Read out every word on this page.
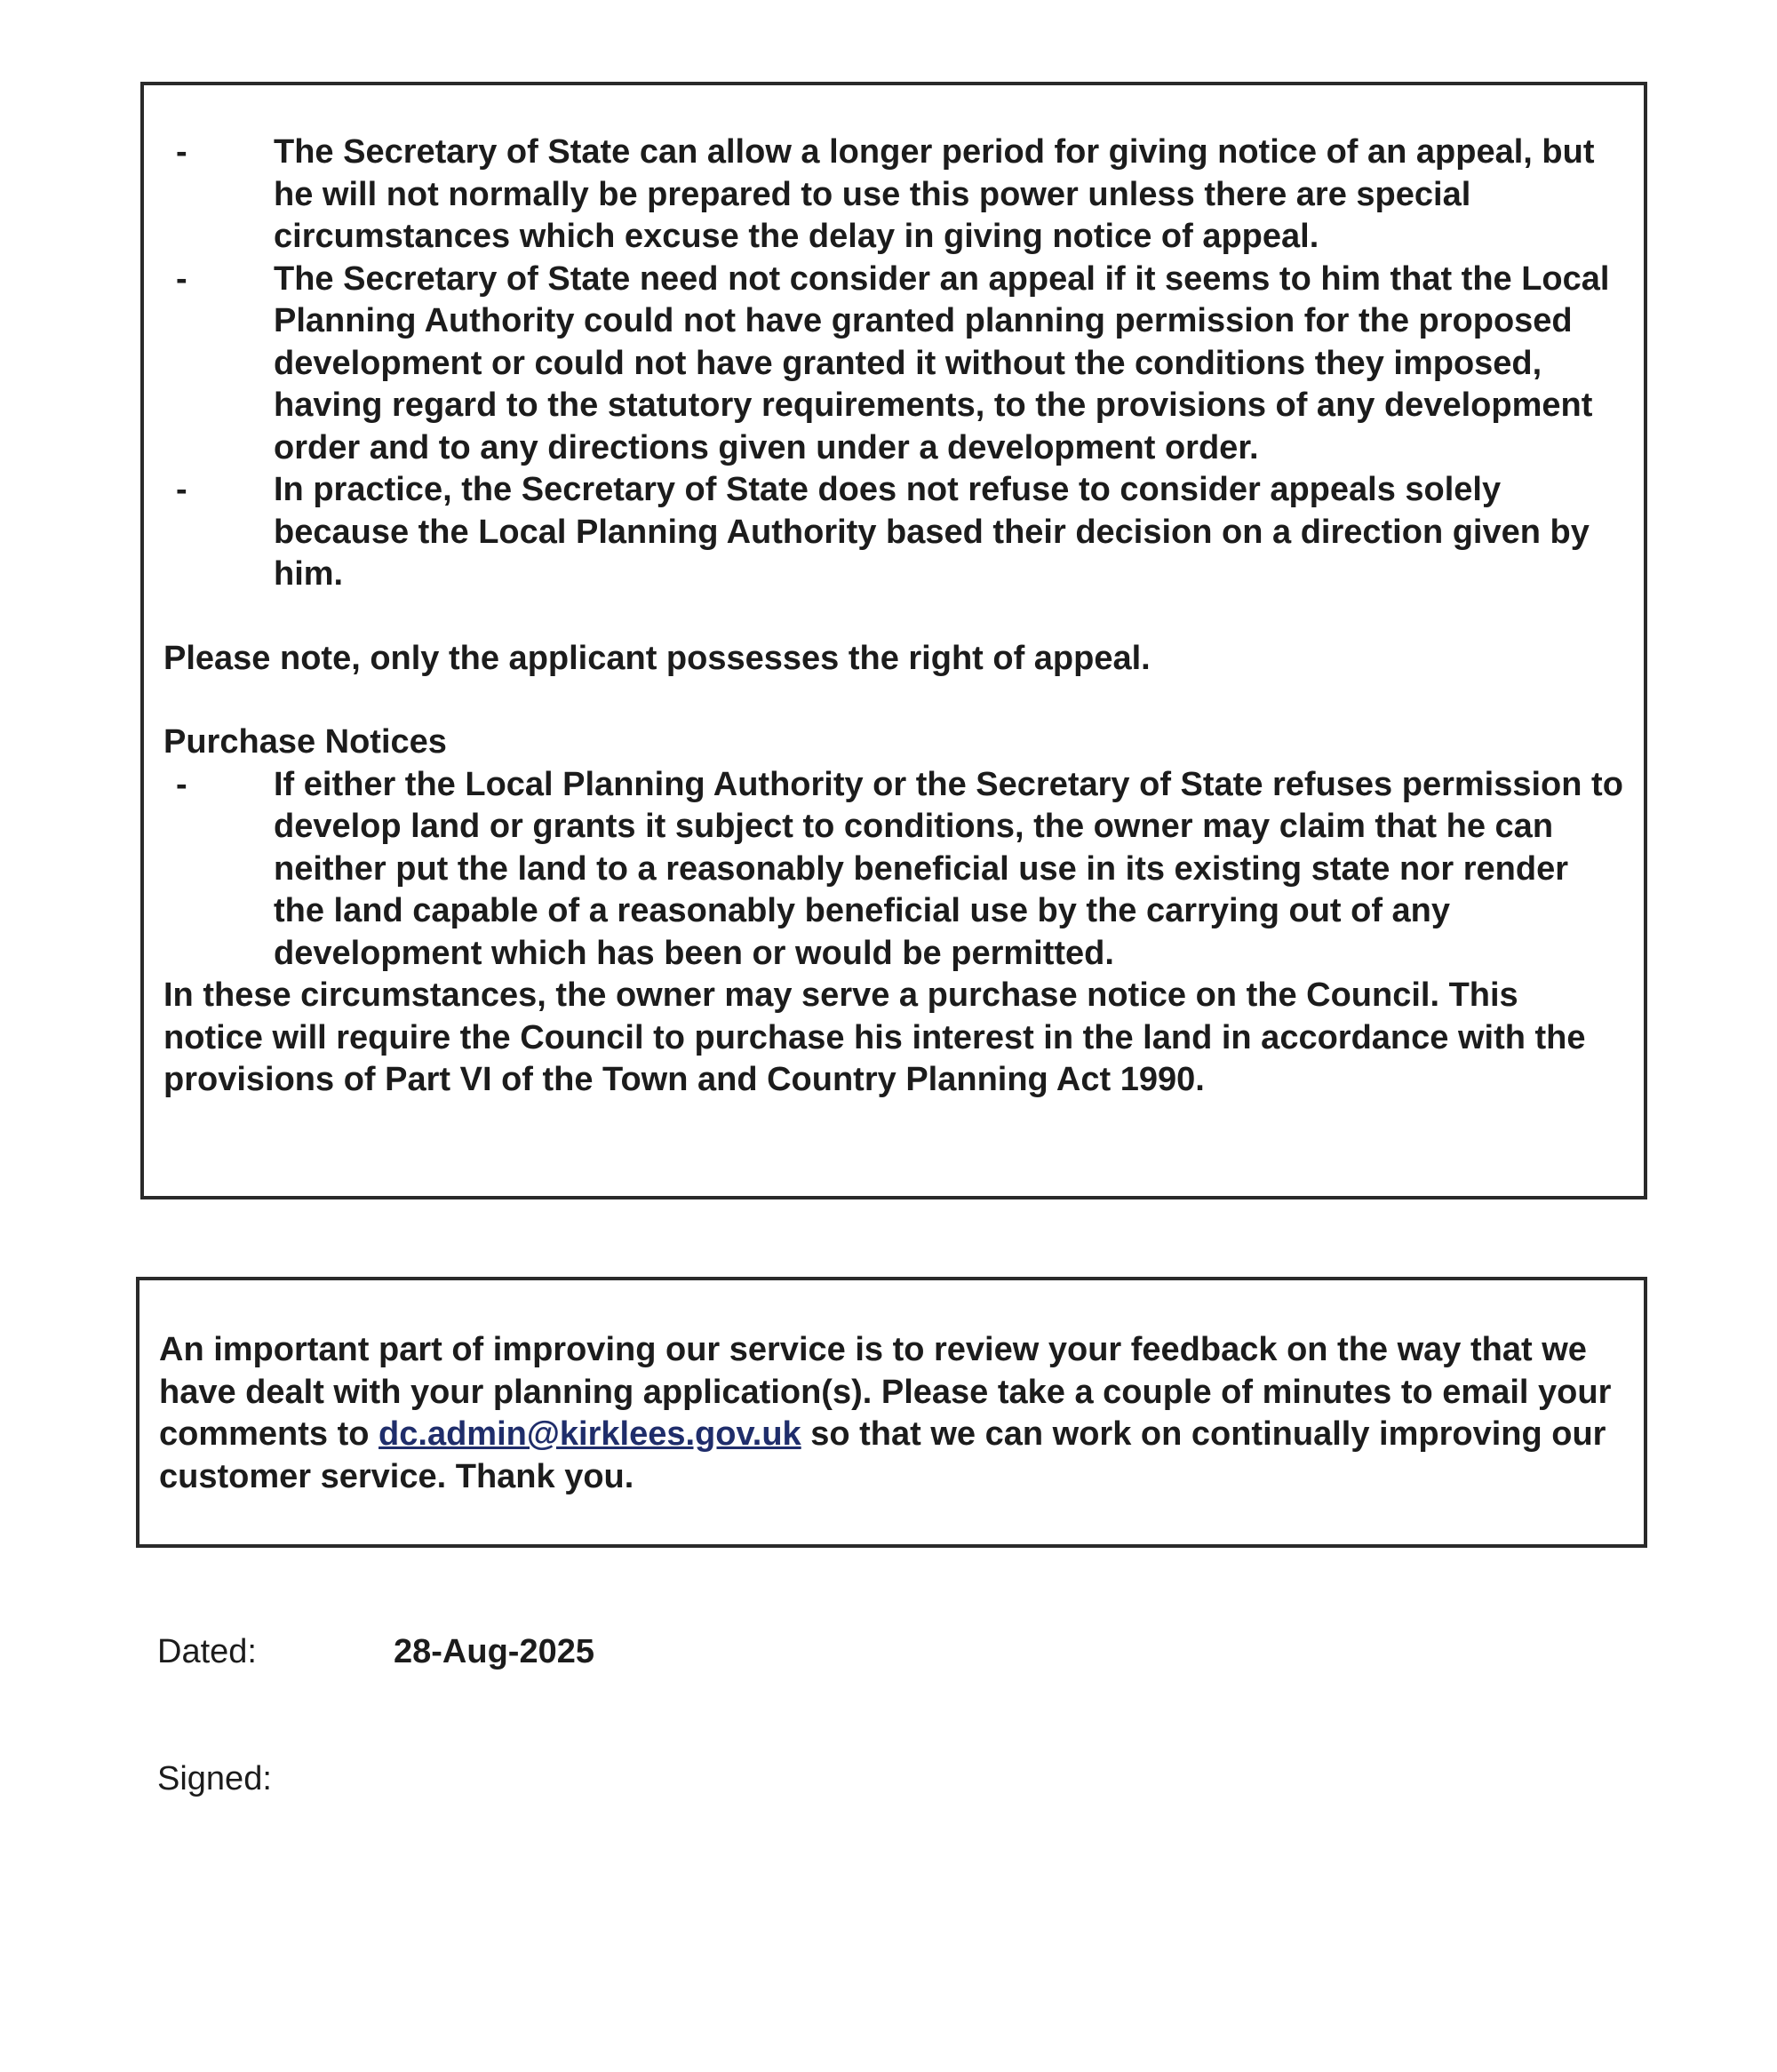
-	The Secretary of State can allow a longer period for giving notice of an appeal, but he will not normally be prepared to use this power unless there are special circumstances which excuse the delay in giving notice of appeal.

-	The Secretary of State need not consider an appeal if it seems to him that the Local Planning Authority could not have granted planning permission for the proposed development or could not have granted it without the conditions they imposed, having regard to the statutory requirements, to the provisions of any development order and to any directions given under a development order.

-	In practice, the Secretary of State does not refuse to consider appeals solely because the Local Planning Authority based their decision on a direction given by him.

Please note, only the applicant possesses the right of appeal.

Purchase Notices

-	If either the Local Planning Authority or the Secretary of State refuses permission to develop land or grants it subject to conditions, the owner may claim that he can neither put the land to a reasonably beneficial use in its existing state nor render the land capable of a reasonably beneficial use by the carrying out of any development which has been or would be permitted.

In these circumstances, the owner may serve a purchase notice on the Council. This notice will require the Council to purchase his interest in the land in accordance with the provisions of Part VI of the Town and Country Planning Act 1990.

An important part of improving our service is to review your feedback on the way that we have dealt with your planning application(s). Please take a couple of minutes to email your comments to dc.admin@kirklees.gov.uk so that we can work on continually improving our customer service. Thank you.

Dated:	28-Aug-2025
Signed:
